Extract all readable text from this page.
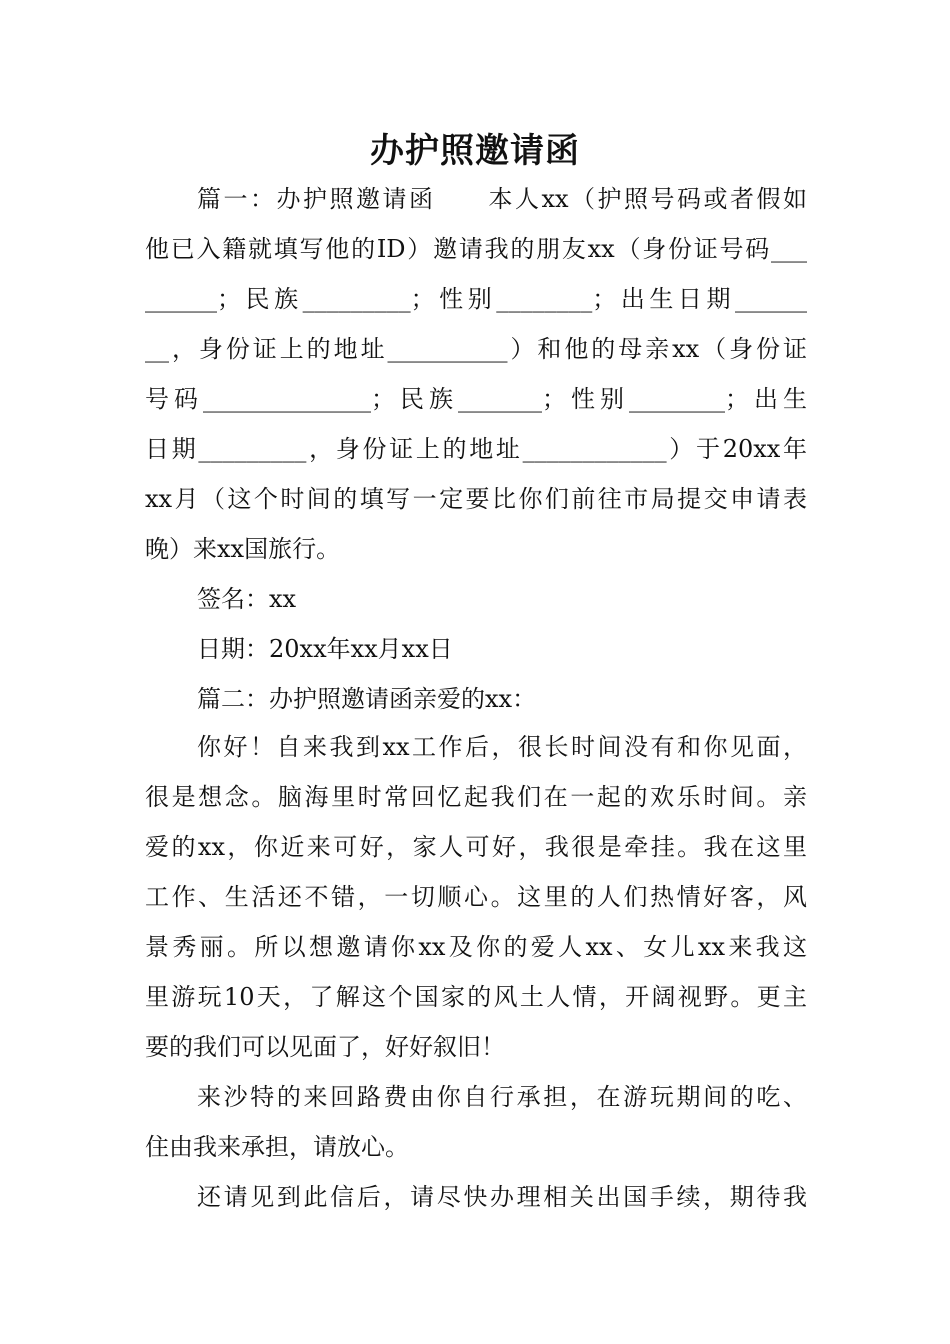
办护照邀请函
篇一：办护照邀请函　　本人xx（护照号码或者假如
他已入籍就填写他的ID）邀请我的朋友xx（身份证号码___
______；民族_________；性别________；出生日期______
__，身份证上的地址__________）和他的母亲xx（身份证
号码______________；民族_______；性别________；出生
日期_________，身份证上的地址____________）于20xx年
xx月（这个时间的填写一定要比你们前往市局提交申请表
晚）来xx国旅行。
签名：xx
日期：20xx年xx月xx日
篇二：办护照邀请函亲爱的xx：
你好！自来我到xx工作后，很长时间没有和你见面，
很是想念。脑海里时常回忆起我们在一起的欢乐时间。亲
爱的xx，你近来可好，家人可好，我很是牵挂。我在这里
工作、生活还不错，一切顺心。这里的人们热情好客，风
景秀丽。所以想邀请你xx及你的爱人xx、女儿xx来我这
里游玩10天，了解这个国家的风土人情，开阔视野。更主
要的我们可以见面了，好好叙旧！
来沙特的来回路费由你自行承担，在游玩期间的吃、
住由我来承担，请放心。
还请见到此信后，请尽快办理相关出国手续，期待我
